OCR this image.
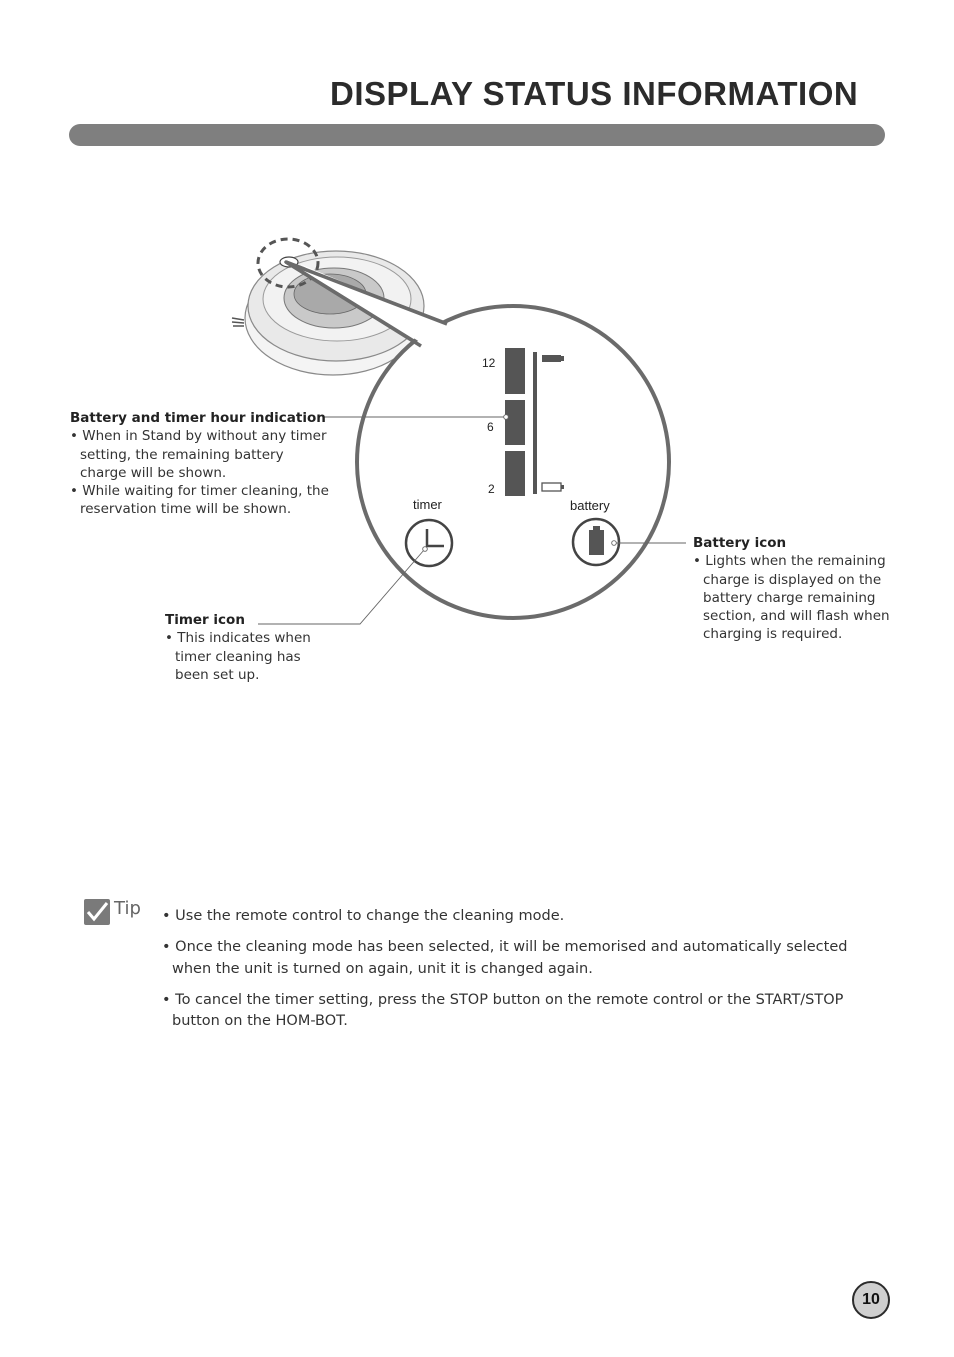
DISPLAY STATUS INFORMATION
12
6
2
timer	battery
Battery and timer hour indication
• When in Stand by without any timer setting, the remaining battery charge will be shown.
• While waiting for timer cleaning, the reservation time will be shown.
Timer icon
• This indicates when timer cleaning has been set up.
Battery icon
• Lights when the remaining charge is displayed on the battery charge remaining section, and will flash when charging is required.
Tip
•	Use the remote control to change the cleaning mode.
• Once the cleaning mode has been selected, it will be memorised and automatically selected when the unit is turned on again, unit it is changed again.
• To cancel the timer setting, press the STOP button on the remote control or the START/STOP button on the HOM-BOT.
10
